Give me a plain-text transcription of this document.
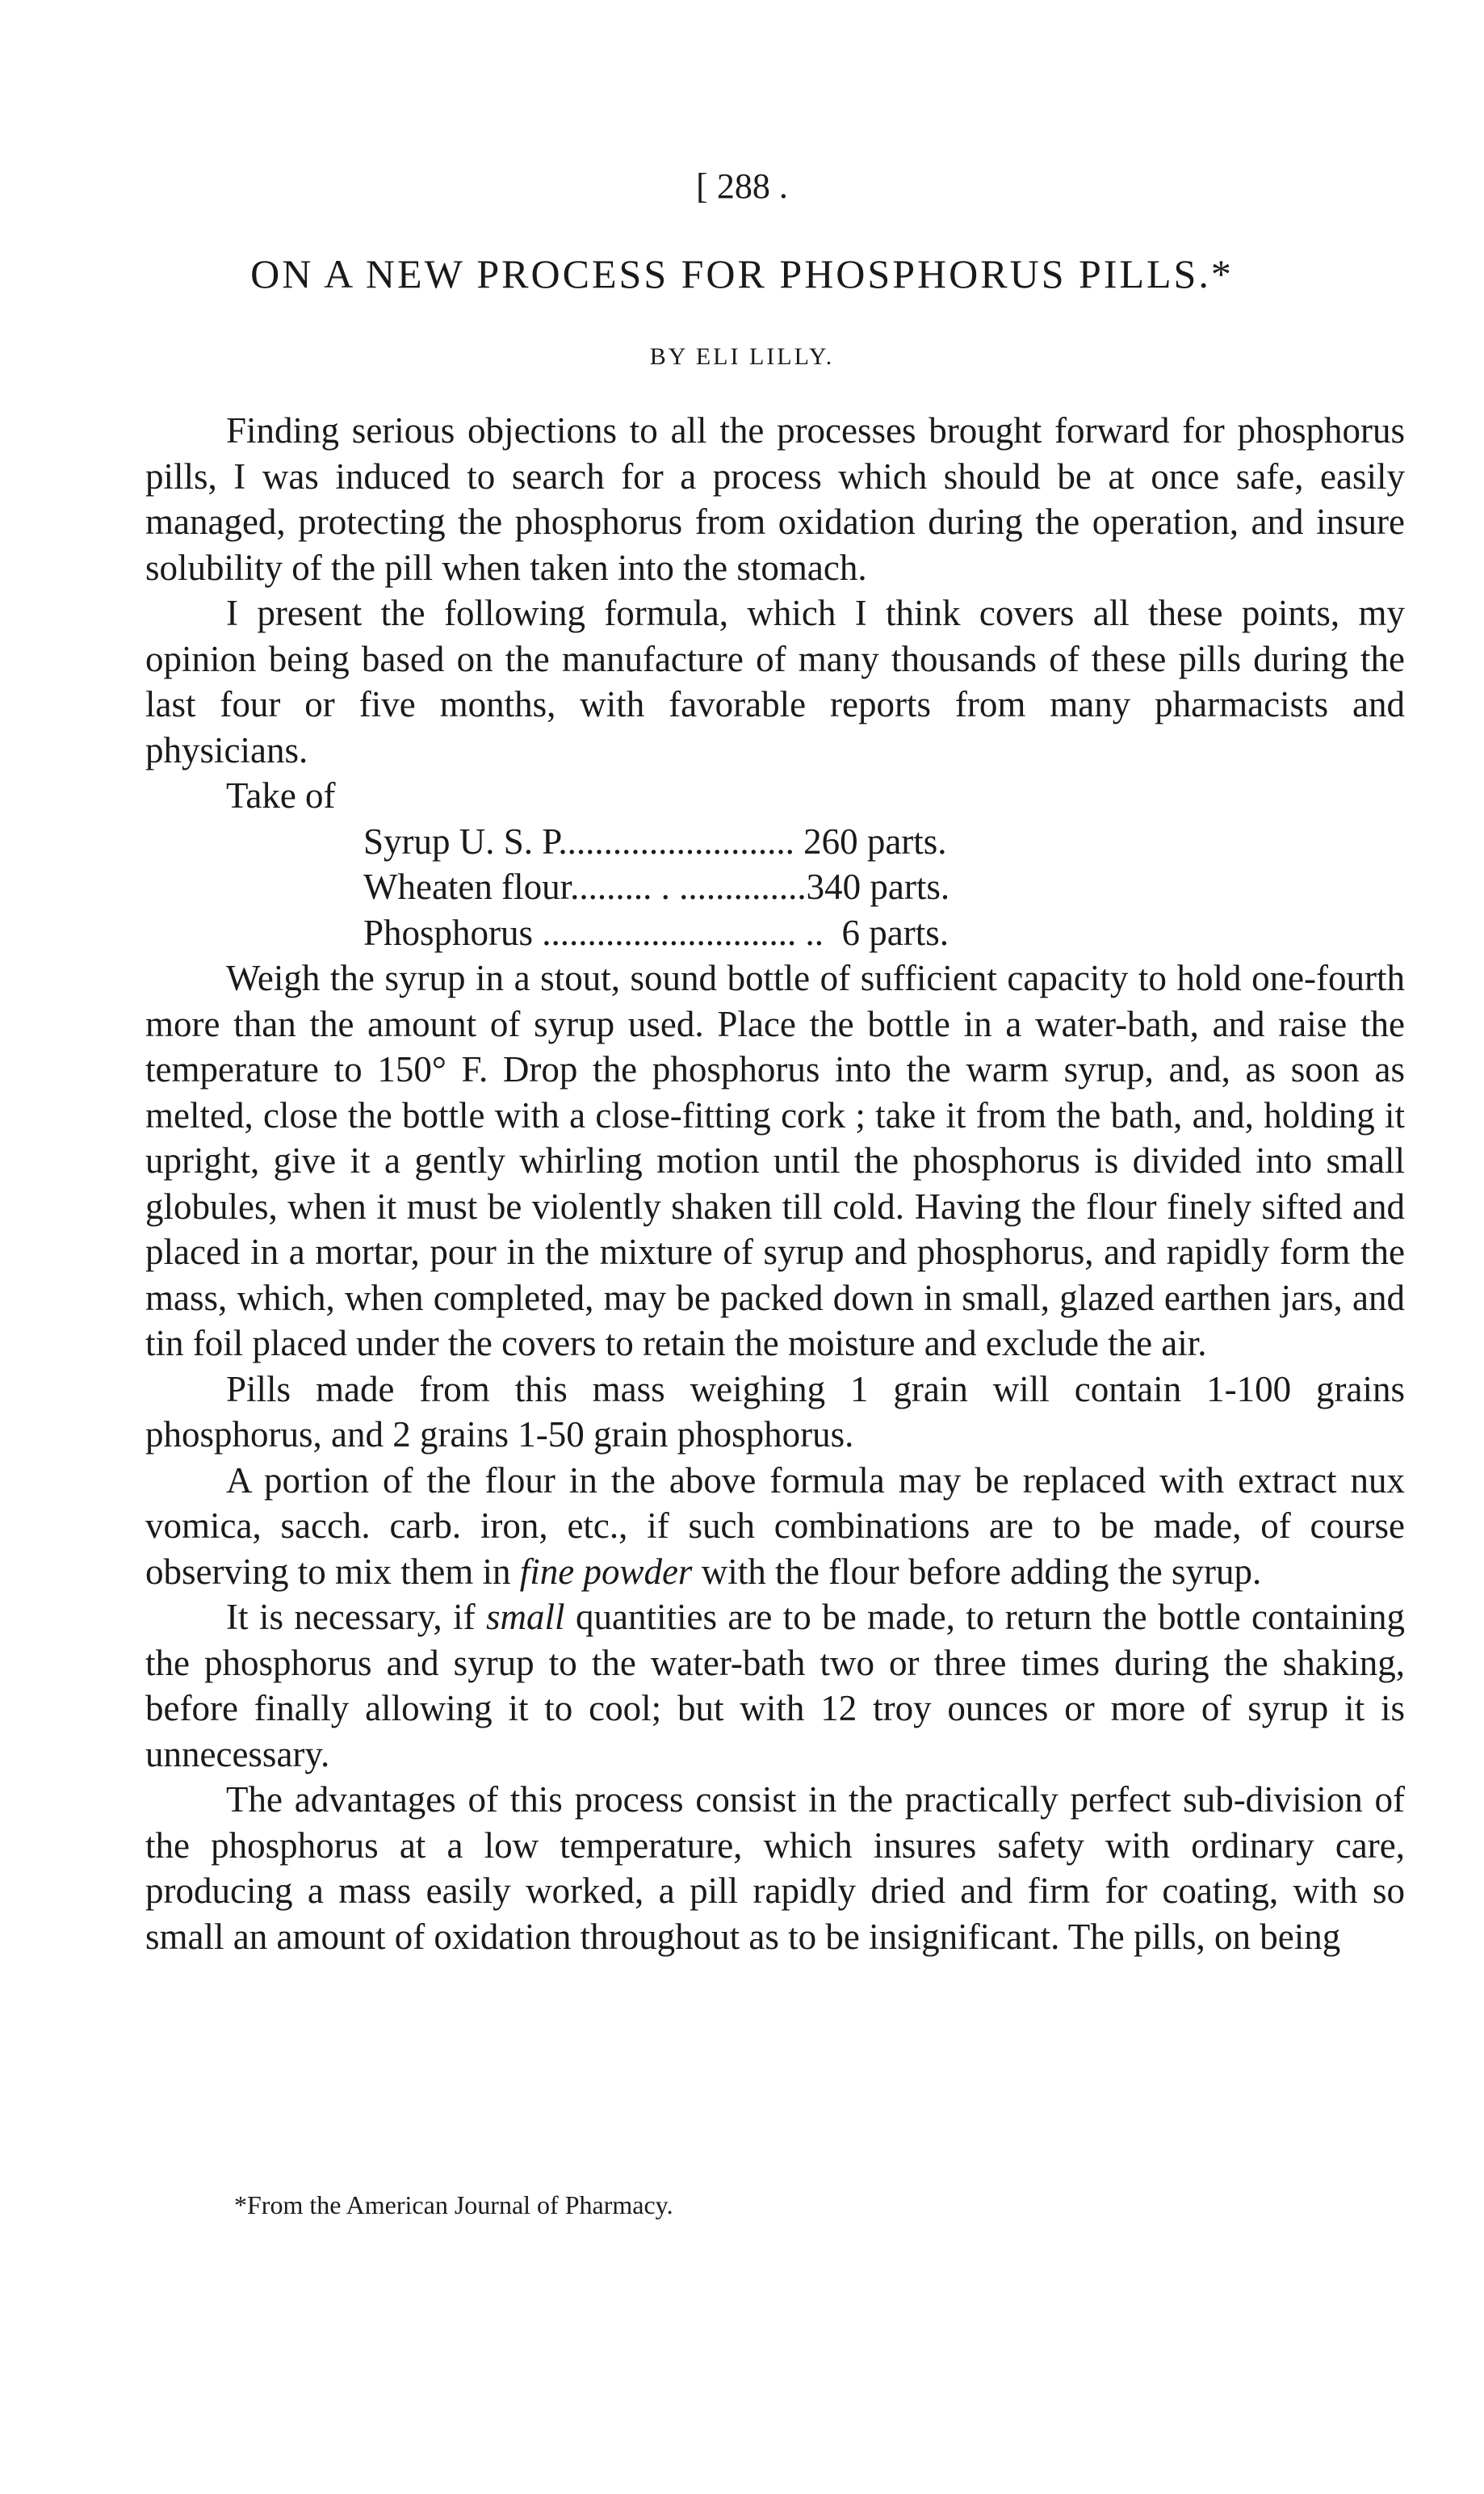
[ 288 .
ON A NEW PROCESS FOR PHOSPHORUS PILLS.*
BY ELI LILLY.

Finding serious objections to all the processes brought forward for phosphorus pills, I was induced to search for a process which should be at once safe, easily managed, protecting the phosphorus from oxidation during the operation, and insure solubility of the pill when taken into the stomach.

I present the following formula, which I think covers all these points, my opinion being based on the manufacture of many thousands of these pills during the last four or five months, with favorable reports from many pharmacists and physicians.

Take of
Syrup U. S. P.......................... 260 parts.
Wheaten flour......... . ..............340 parts.
Phosphorus ............................ ..  6 parts.

Weigh the syrup in a stout, sound bottle of sufficient capacity to hold one-fourth more than the amount of syrup used. Place the bottle in a water-bath, and raise the temperature to 150° F. Drop the phosphorus into the warm syrup, and, as soon as melted, close the bottle with a close-fitting cork ; take it from the bath, and, holding it upright, give it a gently whirling motion until the phosphorus is divided into small globules, when it must be violently shaken till cold. Having the flour finely sifted and placed in a mortar, pour in the mixture of syrup and phosphorus, and rapidly form the mass, which, when completed, may be packed down in small, glazed earthen jars, and tin foil placed under the covers to retain the moisture and exclude the air.

Pills made from this mass weighing 1 grain will contain 1-100 grains phosphorus, and 2 grains 1-50 grain phosphorus.

A portion of the flour in the above formula may be replaced with extract nux vomica, sacch. carb. iron, etc., if such combinations are to be made, of course observing to mix them in fine powder with the flour before adding the syrup.

It is necessary, if small quantities are to be made, to return the bottle containing the phosphorus and syrup to the water-bath two or three times during the shaking, before finally allowing it to cool; but with 12 troy ounces or more of syrup it is unnecessary.

The advantages of this process consist in the practically perfect sub-division of the phosphorus at a low temperature, which insures safety with ordinary care, producing a mass easily worked, a pill rapidly dried and firm for coating, with so small an amount of oxidation throughout as to be insignificant. The pills, on being

*From the American Journal of Pharmacy.
